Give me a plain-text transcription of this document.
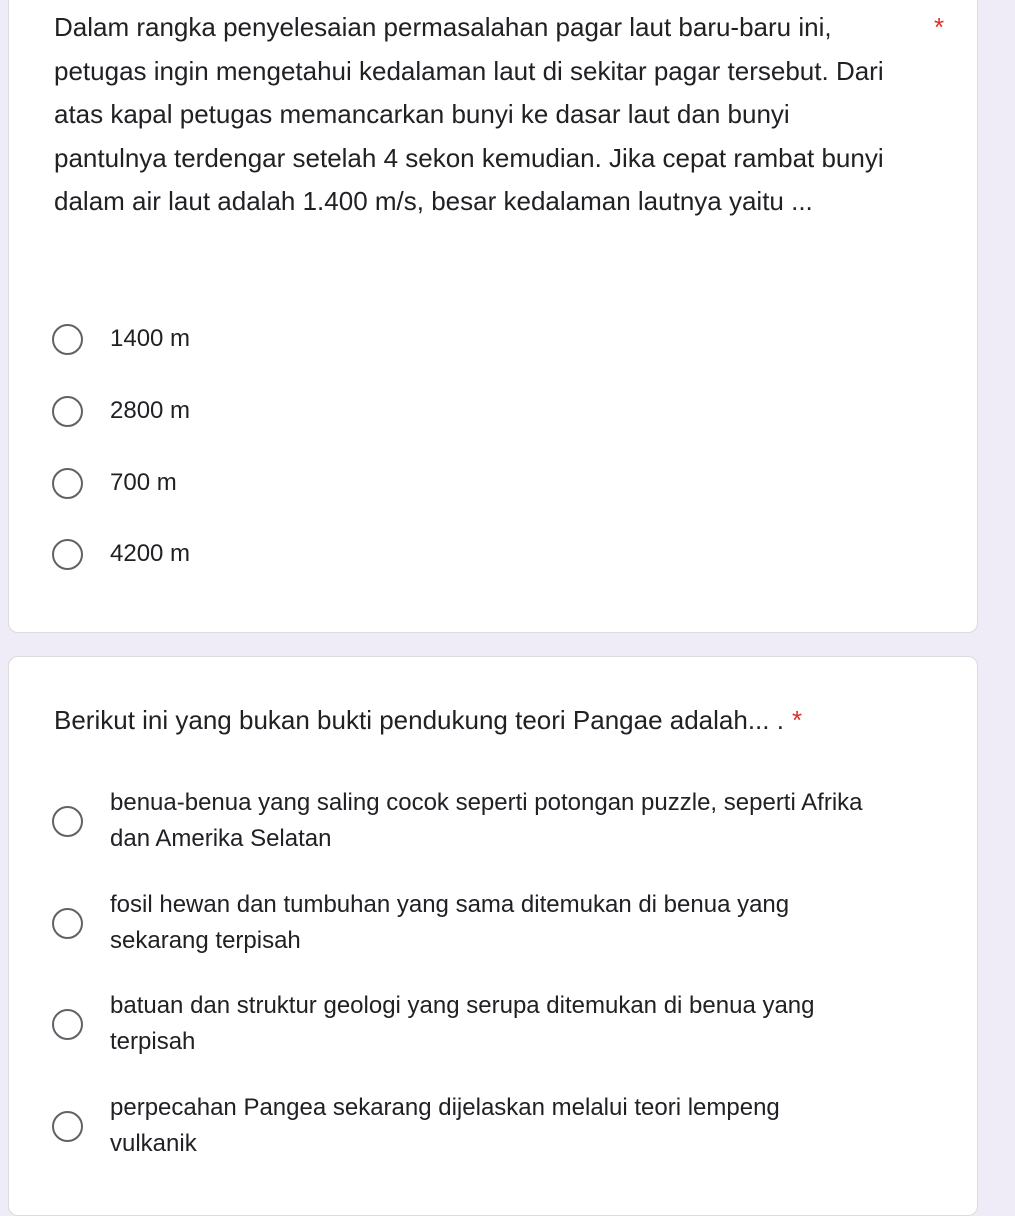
Dalam rangka penyelesaian permasalahan pagar laut baru-baru ini, petugas ingin mengetahui kedalaman laut di sekitar pagar tersebut. Dari atas kapal petugas memancarkan bunyi ke dasar laut dan bunyi pantulnya terdengar setelah 4 sekon kemudian. Jika cepat rambat bunyi dalam air laut adalah 1.400 m/s, besar kedalaman lautnya yaitu ...
*
1400 m
2800 m
700 m
4200 m
Berikut ini yang bukan bukti pendukung teori Pangae adalah... . *
benua-benua yang saling cocok seperti potongan puzzle, seperti Afrika dan Amerika Selatan
fosil hewan dan tumbuhan yang sama ditemukan di benua yang sekarang terpisah
batuan dan struktur geologi yang serupa ditemukan di benua yang terpisah
perpecahan Pangea sekarang dijelaskan melalui teori lempeng vulkanik
